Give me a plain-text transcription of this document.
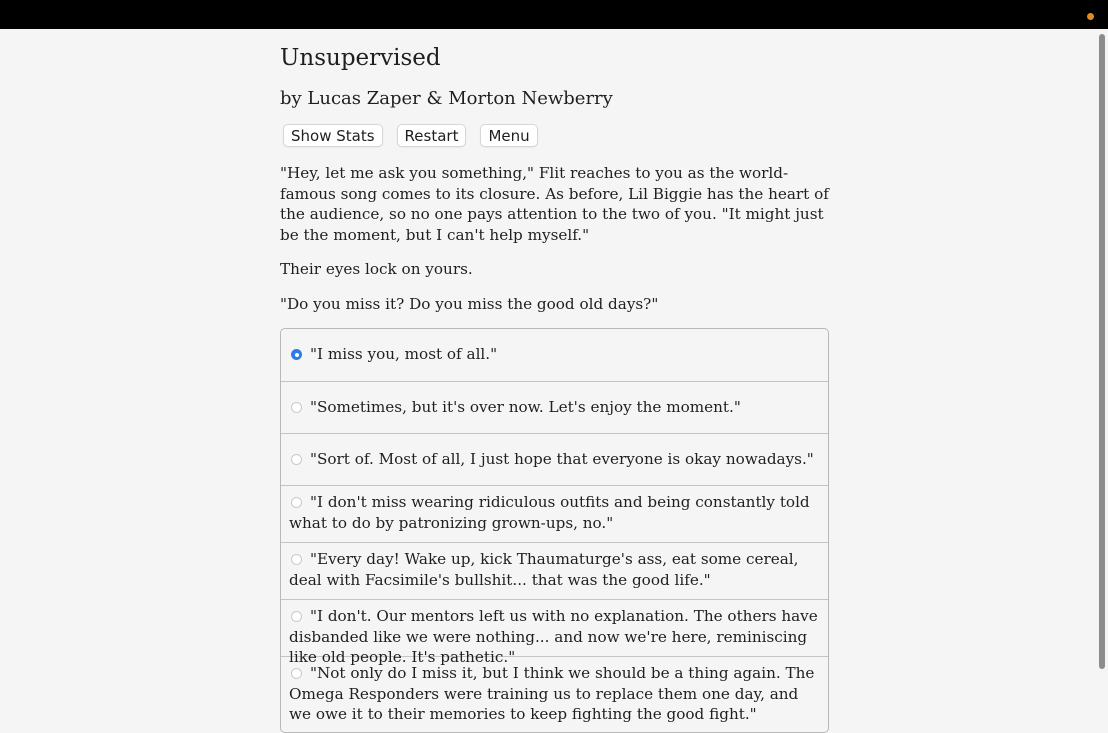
Unsupervised
by Lucas Zaper & Morton Newberry
Show Stats	Restart	Menu

"Hey, let me ask you something," Flit reaches to you as the world-famous song comes to its closure. As before, Lil Biggie has the heart of the audience, so no one pays attention to the two of you. "It might just be the moment, but I can't help myself."

Their eyes lock on yours.

"Do you miss it? Do you miss the good old days?"

"I miss you, most of all."
"Sometimes, but it's over now. Let's enjoy the moment."
"Sort of. Most of all, I just hope that everyone is okay nowadays."
"I don't miss wearing ridiculous outfits and being constantly told what to do by patronizing grown-ups, no."
"Every day! Wake up, kick Thaumaturge's ass, eat some cereal, deal with Facsimile's bullshit... that was the good life."
"I don't. Our mentors left us with no explanation. The others have disbanded like we were nothing... and now we're here, reminiscing like old people. It's pathetic."
"Not only do I miss it, but I think we should be a thing again. The Omega Responders were training us to replace them one day, and we owe it to their memories to keep fighting the good fight."
